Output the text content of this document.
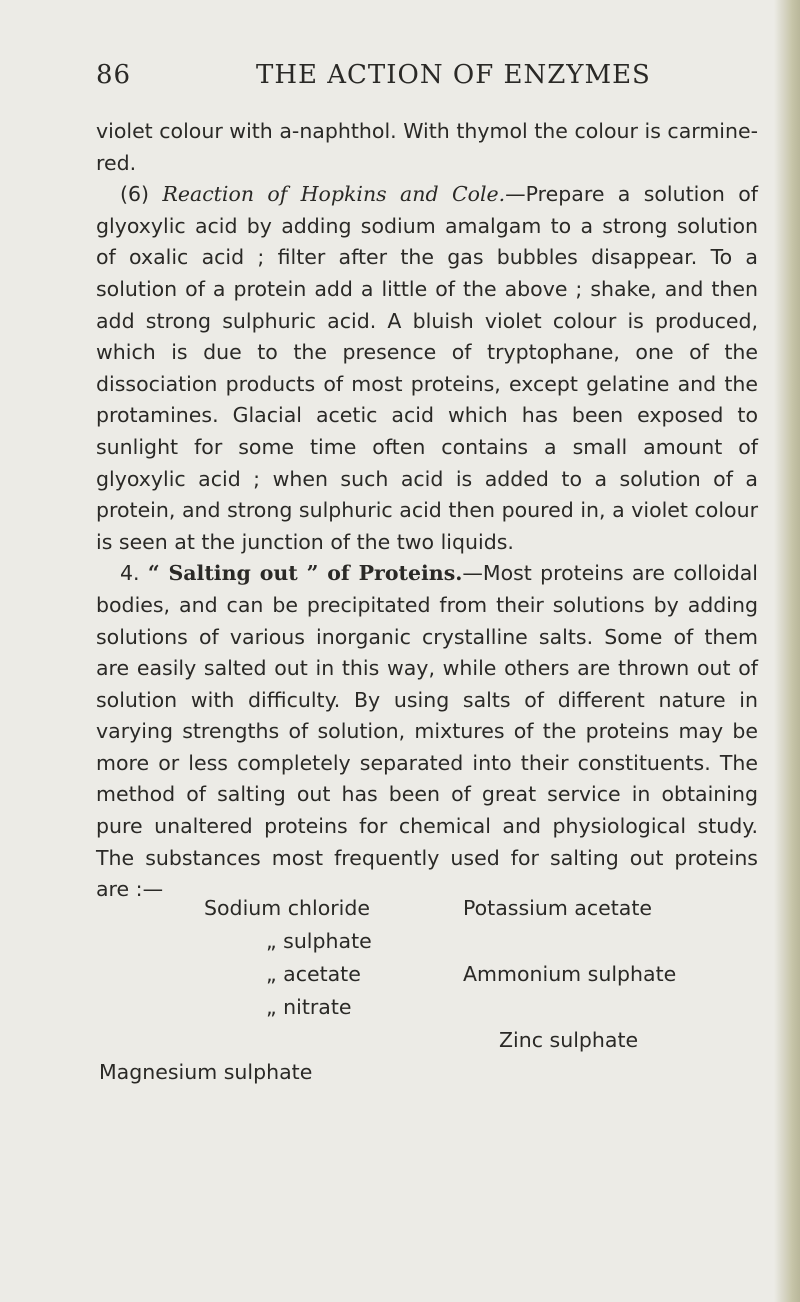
86	THE ACTION OF ENZYMES

violet colour with a-naphthol. With thymol the colour is carmine-red.

(6) Reaction of Hopkins and Cole.—Prepare a solution of glyoxylic acid by adding sodium amalgam to a strong solution of oxalic acid ; filter after the gas bubbles disappear. To a solution of a protein add a little of the above ; shake, and then add strong sulphuric acid. A bluish violet colour is produced, which is due to the presence of tryptophane, one of the dissociation products of most proteins, except gelatine and the protamines. Glacial acetic acid which has been exposed to sunlight for some time often contains a small amount of glyoxylic acid ; when such acid is added to a solution of a protein, and strong sulphuric acid then poured in, a violet colour is seen at the junction of the two liquids.

4. “ Salting out ” of Proteins.—Most proteins are colloidal bodies, and can be precipitated from their solutions by adding solutions of various inorganic crystalline salts. Some of them are easily salted out in this way, while others are thrown out of solution with difficulty. By using salts of different nature in varying strengths of solution, mixtures of the proteins may be more or less completely separated into their constituents. The method of salting out has been of great service in obtaining pure unaltered proteins for chemical and physiological study. The substances most frequently used for salting out proteins are :—

Sodium chloride
„ sulphate
„ acetate
„ nitrate
Magnesium sulphate
Potassium acetate
Ammonium sulphate
Zinc sulphate
